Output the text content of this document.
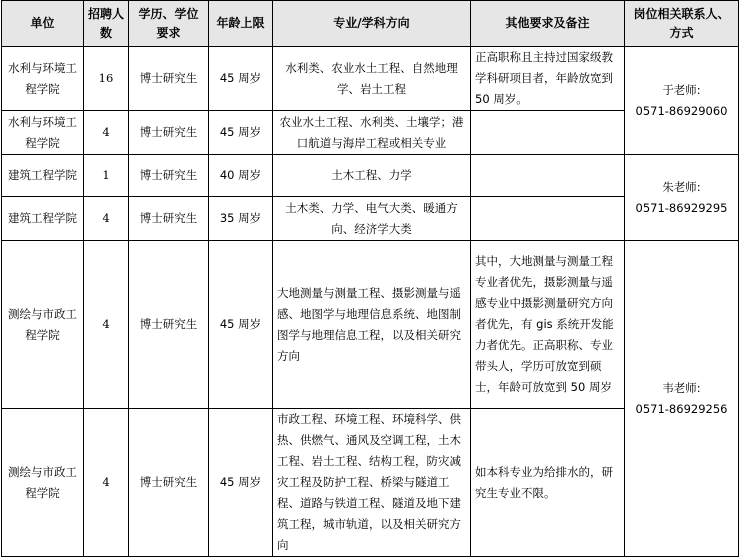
单位	招聘人数	学历、学位要求	年龄上限	专业/学科方向	其他要求及备注	岗位相关联系人、方式
水利与环境工程学院	16	博士研究生	45 周岁	水利类、农业水土工程、自然地理学、岩土工程	正高职称且主持过国家级教学科研项目者，年龄放宽到 50 周岁。	于老师:
0571-86929060

水利与环境工程学院	4	博士研究生	45 周岁	农业水土工程、水利类、土壤学；港口航道与海岸工程或相关专业		
建筑工程学院	1	博士研究生	40 周岁	土木工程、力学		朱老师:
0571-86929295

建筑工程学院	4	博士研究生	35 周岁	土木类、力学、电气大类、暖通方向、经济学大类		
测绘与市政工程学院	4	博士研究生	45 周岁	大地测量与测量工程、摄影测量与遥感、地图学与地理信息系统、地图制图学与地理信息工程，以及相关研究方向	其中，大地测量与测量工程专业者优先，摄影测量与遥感专业中摄影测量研究方向者优先，有 gis 系统开发能力者优先。正高职称、专业带头人，学历可放宽到硕士，年龄可放宽到 50 周岁	韦老师:
0571-86929256

测绘与市政工程学院	4	博士研究生	45 周岁	市政工程、环境工程、环境科学、供热、供燃气、通风及空调工程，土木工程、岩土工程、结构工程，防灾减灾工程及防护工程、桥梁与隧道工程、道路与铁道工程、隧道及地下建筑工程，城市轨道，以及相关研究方向	如本科专业为给排水的，研究生专业不限。	
